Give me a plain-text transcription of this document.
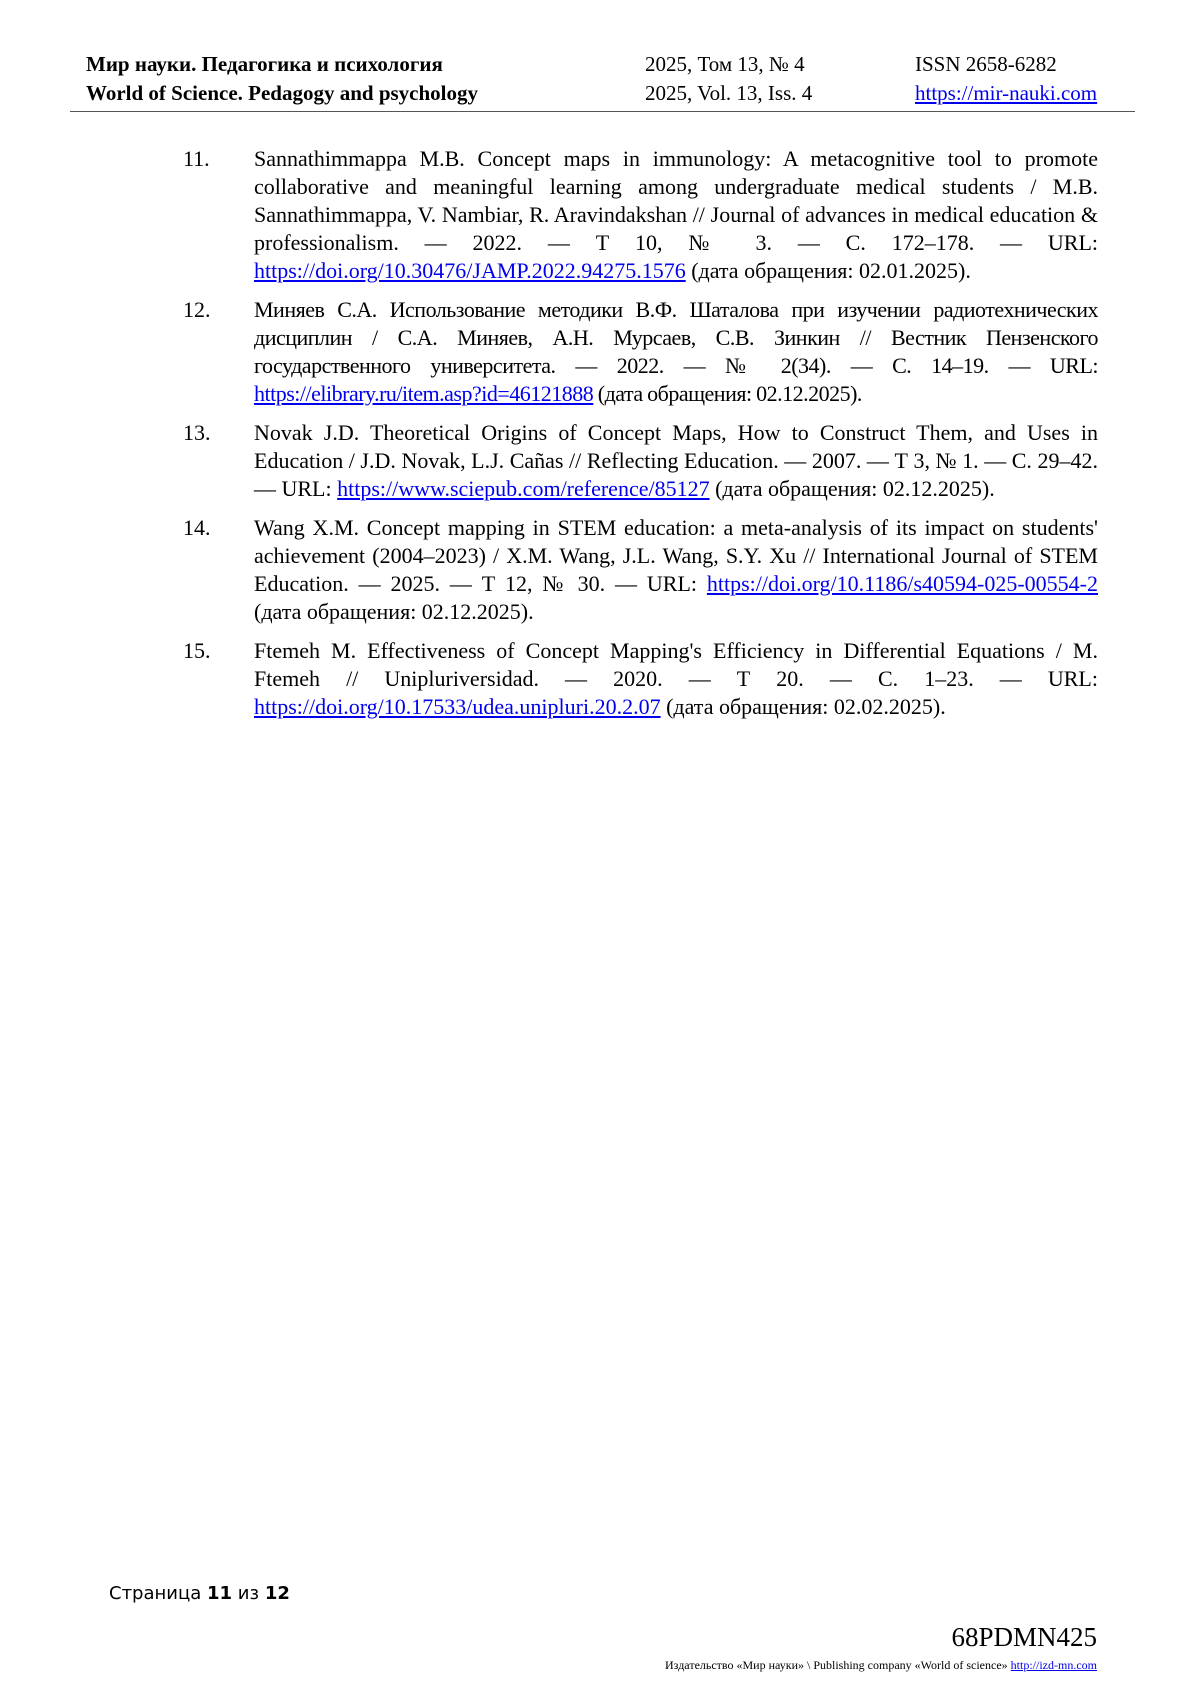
Мир науки. Педагогика и психология
World of Science. Pedagogy and psychology
2025, Том 13, № 4
2025, Vol. 13, Iss. 4
ISSN 2658-6282
https://mir-nauki.com
11.	Sannathimmappa M.B. Concept maps in immunology: A metacognitive tool to promote collaborative and meaningful learning among undergraduate medical students / M.B. Sannathimmappa, V. Nambiar, R. Aravindakshan // Journal of advances in medical education & professionalism. — 2022. — Т 10, № 3. — С. 172–178. — URL: https://doi.org/10.30476/JAMP.2022.94275.1576 (дата обращения: 02.01.2025).
12.	Миняев С.А. Использование методики В.Ф. Шаталова при изучении радиотехнических дисциплин / С.А. Миняев, А.Н. Мурсаев, С.В. Зинкин // Вестник Пензенского государственного университета. — 2022. — № 2(34). — С. 14–19. — URL: https://elibrary.ru/item.asp?id=46121888 (дата обращения: 02.12.2025).
13.	Novak J.D. Theoretical Origins of Concept Maps, How to Construct Them, and Uses in Education / J.D. Novak, L.J. Cañas // Reflecting Education. — 2007. — Т 3, № 1. — С. 29–42. — URL: https://www.sciepub.com/reference/85127 (дата обращения: 02.12.2025).
14.	Wang X.M. Concept mapping in STEM education: a meta-analysis of its impact on students' achievement (2004–2023) / X.M. Wang, J.L. Wang, S.Y. Xu // International Journal of STEM Education. — 2025. — Т 12, № 30. — URL: https://doi.org/10.1186/s40594-025-00554-2 (дата обращения: 02.12.2025).
15.	Ftemeh M. Effectiveness of Concept Mapping's Efficiency in Differential Equations / M. Ftemeh // Unipluriversidad. — 2020. — Т 20. — С. 1–23. — URL: https://doi.org/10.17533/udea.unipluri.20.2.07 (дата обращения: 02.02.2025).
Страница 11 из 12
68PDMN425
Издательство «Мир науки» \ Publishing company «World of science» http://izd-mn.com
